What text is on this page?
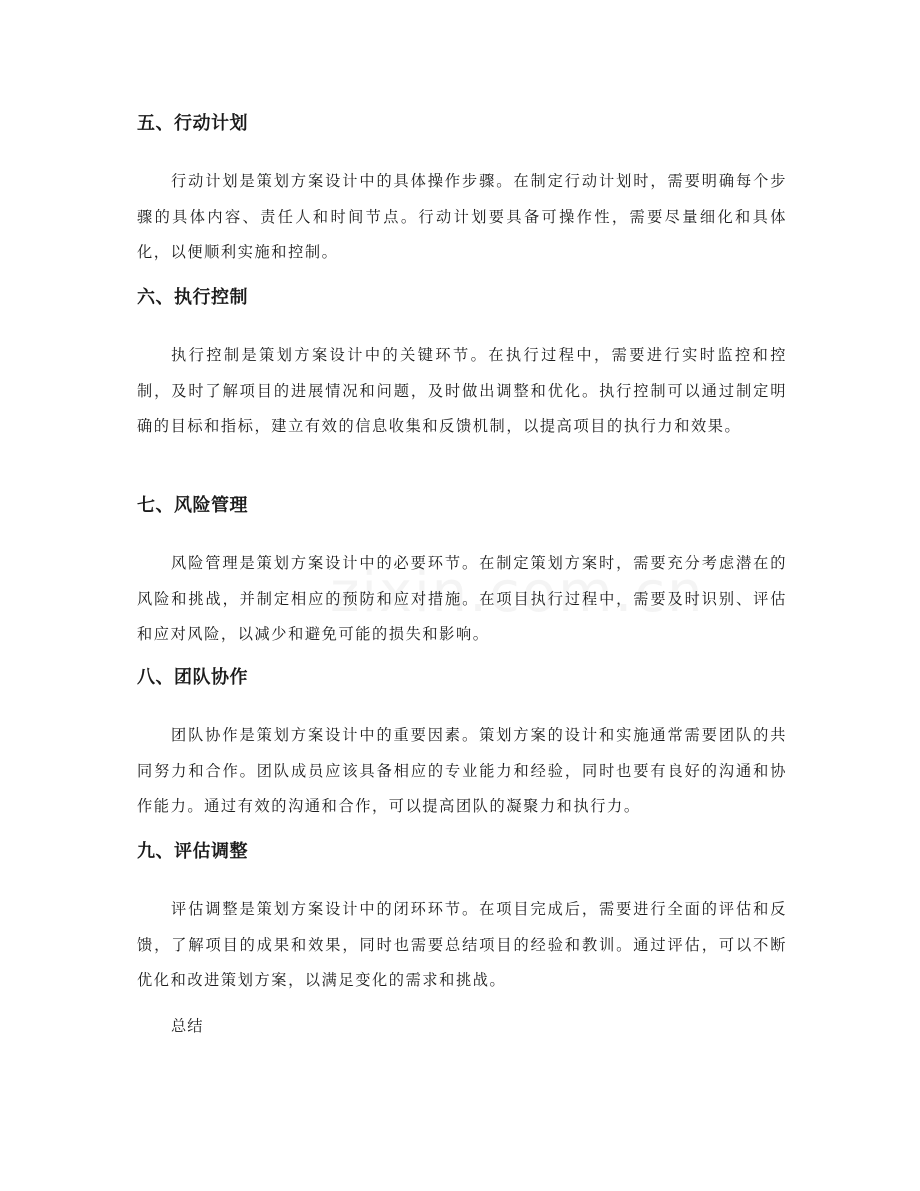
五、行动计划

行动计划是策划方案设计中的具体操作步骤。在制定行动计划时，需要明确每个步骤的具体内容、责任人和时间节点。行动计划要具备可操作性，需要尽量细化和具体化，以便顺利实施和控制。

六、执行控制

执行控制是策划方案设计中的关键环节。在执行过程中，需要进行实时监控和控制，及时了解项目的进展情况和问题，及时做出调整和优化。执行控制可以通过制定明确的目标和指标，建立有效的信息收集和反馈机制，以提高项目的执行力和效果。

七、风险管理

风险管理是策划方案设计中的必要环节。在制定策划方案时，需要充分考虑潜在的风险和挑战，并制定相应的预防和应对措施。在项目执行过程中，需要及时识别、评估和应对风险，以减少和避免可能的损失和影响。

八、团队协作

团队协作是策划方案设计中的重要因素。策划方案的设计和实施通常需要团队的共同努力和合作。团队成员应该具备相应的专业能力和经验，同时也要有良好的沟通和协作能力。通过有效的沟通和合作，可以提高团队的凝聚力和执行力。

九、评估调整

评估调整是策划方案设计中的闭环环节。在项目完成后，需要进行全面的评估和反馈，了解项目的成果和效果，同时也需要总结项目的经验和教训。通过评估，可以不断优化和改进策划方案，以满足变化的需求和挑战。

总结
